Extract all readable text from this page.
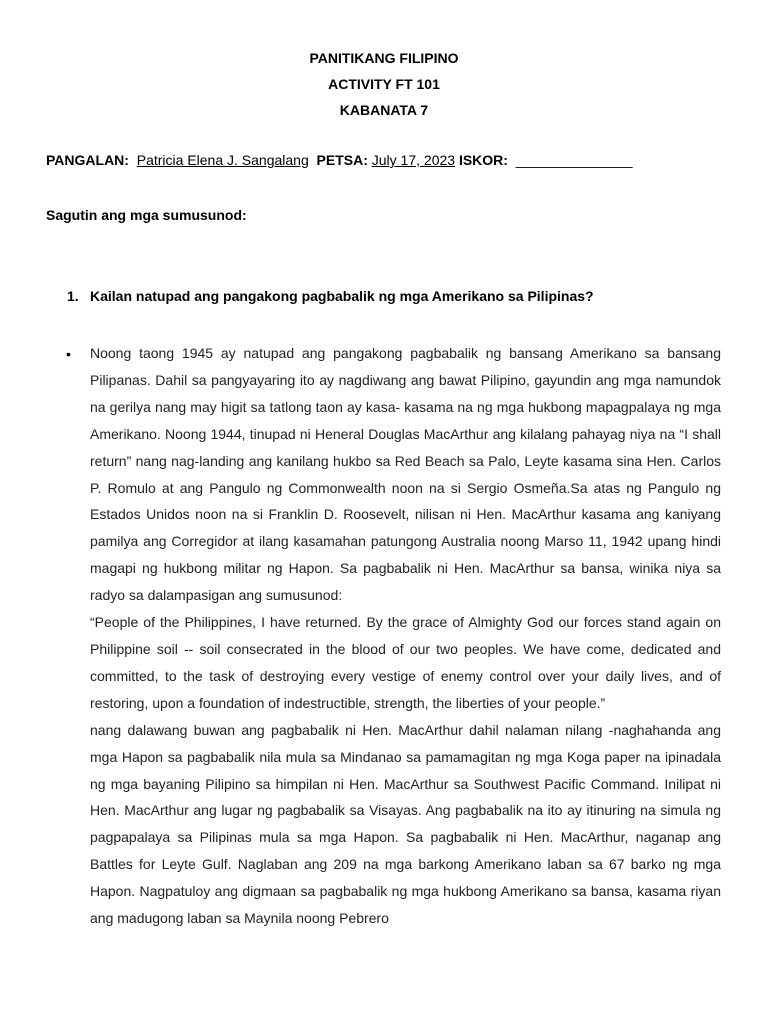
PANITIKANG FILIPINO
ACTIVITY FT 101
KABANATA 7
PANGALAN: Patricia Elena J. Sangalang PETSA: July 17, 2023 ISKOR: _______________
Sagutin ang mga sumusunod:
1. Kailan natupad ang pangakong pagbabalik ng mga Amerikano sa Pilipinas?
• Noong taong 1945 ay natupad ang pangakong pagbabalik ng bansang Amerikano sa bansang Pilipanas. Dahil sa pangyayaring ito ay nagdiwang ang bawat Pilipino, gayundin ang mga namundok na gerilya nang may higit sa tatlong taon ay kasa- kasama na ng mga hukbong mapagpalaya ng mga Amerikano. Noong 1944, tinupad ni Heneral Douglas MacArthur ang kilalang pahayag niya na “I shall return” nang nag-landing ang kanilang hukbo sa Red Beach sa Palo, Leyte kasama sina Hen. Carlos P. Romulo at ang Pangulo ng Commonwealth noon na si Sergio Osmeña.Sa atas ng Pangulo ng Estados Unidos noon na si Franklin D. Roosevelt, nilisan ni Hen. MacArthur kasama ang kaniyang pamilya ang Corregidor at ilang kasamahan patungong Australia noong Marso 11, 1942 upang hindi magapi ng hukbong militar ng Hapon. Sa pagbabalik ni Hen. MacArthur sa bansa, winika niya sa radyo sa dalampasigan ang sumusunod:

“People of the Philippines, I have returned. By the grace of Almighty God our forces stand again on Philippine soil -- soil consecrated in the blood of our two peoples. We have come, dedicated and committed, to the task of destroying every vestige of enemy control over your daily lives, and of restoring, upon a foundation of indestructible, strength, the liberties of your people.”

nang dalawang buwan ang pagbabalik ni Hen. MacArthur dahil nalaman nilang -naghahanda ang mga Hapon sa pagbabalik nila mula sa Mindanao sa pamamagitan ng mga Koga paper na ipinadala ng mga bayaning Pilipino sa himpilan ni Hen. MacArthur sa Southwest Pacific Command. Inilipat ni Hen. MacArthur ang lugar ng pagbabalik sa Visayas. Ang pagbabalik na ito ay itinuring na simula ng pagpapalaya sa Pilipinas mula sa mga Hapon. Sa pagbabalik ni Hen. MacArthur, naganap ang Battles for Leyte Gulf. Naglaban ang 209 na mga barkong Amerikano laban sa 67 barko ng mga Hapon. Nagpatuloy ang digmaan sa pagbabalik ng mga hukbong Amerikano sa bansa, kasama riyan ang madugong laban sa Maynila noong Pebrero
